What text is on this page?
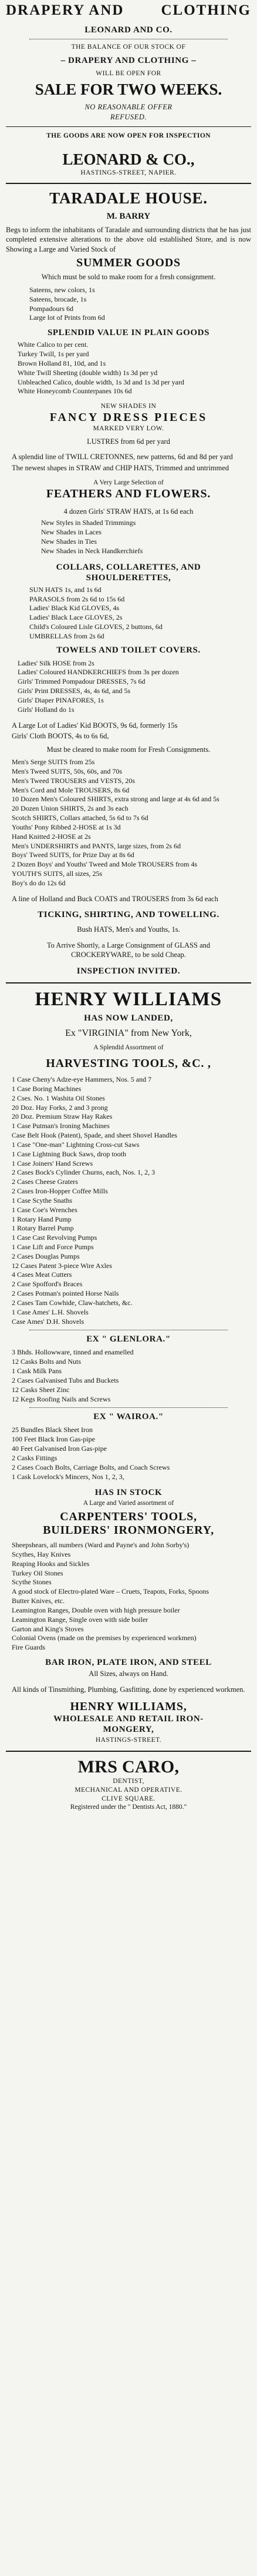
DRAPERY AND	CLOTHING
LEONARD AND CO.
THE BALANCE OF OUR STOCK OF
– DRAPERY AND CLOTHING –
WILL BE OPEN FOR
SALE FOR TWO WEEKS.
NO REASONABLE OFFER
REFUSED.
THE GOODS ARE NOW OPEN FOR INSPECTION
LEONARD & CO.,
HASTINGS-STREET, NAPIER.
TARADALE HOUSE.
M. BARRY

Begs to inform the inhabitants of Taradale and surrounding districts that he has just completed extensive alterations to the above old established Store, and is now Showing a Large and Varied Stock of

SUMMER GOODS
Which must be sold to make room for a fresh consignment.
Sateens, new colors, 1s
Sateens, brocade, 1s
Pompadours 6d
Large lot of Prints from 6d
SPLENDID VALUE IN PLAIN GOODS
White Calico to per cent.
Turkey Twill, 1s per yard
Brown Holland 81, 10d, and 1s
White Twill Sheeting (double width) 1s 3d per yd
Unbleached Calico, double width, 1s 3d and 1s 3d per yard
White Honeycomb Counterpanes 10s 6d
NEW SHADES IN
FANCY DRESS PIECES
MARKED VERY LOW.
LUSTRES from 6d per yard

A splendid line of TWILL CRETONNES, new patterns, 6d and 8d per yard

The newest shapes in STRAW and CHIP HATS, Trimmed and untrimmed

A Very Large Selection of
FEATHERS AND FLOWERS.
4 dozen Girls' STRAW HATS, at 1s 6d each
New Styles in Shaded Trimmings
New Shades in Laces
New Shades in Ties
New Shades in Neck Handkerchiefs
COLLARS, COLLARETTES, AND
SHOULDERETTES,
SUN HATS 1s, and 1s 6d
PARASOLS from 2s 6d to 15s 6d
Ladies' Black Kid GLOVES, 4s
Ladies' Black Lace GLOVES, 2s
Child's Coloured Lisle GLOVES, 2 buttons, 6d
UMBRELLAS from 2s 6d
TOWELS AND TOILET COVERS.
Ladies' Silk HOSE from 2s
Ladies' Coloured HANDKERCHIEFS from 3s per dozen
Girls' Trimmed Pompadour DRESSES, 7s 6d
Girls' Print DRESSES, 4s, 4s 6d, and 5s
Girls' Diaper PINAFORES, 1s
Girls' Holland do 1s

A Large Lot of Ladies' Kid BOOTS, 9s 6d, formerly 15s

Girls' Cloth BOOTS, 4s to 6s 6d,

Must be cleared to make room for Fresh Consignments.
Men's Serge SUITS from 25s
Men's Tweed SUITS, 50s, 60s, and 70s
Men's Tweed TROUSERS and VESTS, 20s
Men's Cord and Mole TROUSERS, 8s 6d
10 Dozen Men's Coloured SHIRTS, extra strong and large at 4s 6d and 5s
20 Dozen Union SHIRTS, 2s and 3s each
Scotch SHIRTS, Collars attached, 5s 6d to 7s 6d
Youths' Pony Ribbed 2-HOSE at 1s 3d
Hand Knitted 2-HOSE at 2s
Men's UNDERSHIRTS and PANTS, large sizes, from 2s 6d
Boys' Tweed SUITS, for Prize Day at 8s 6d
2 Dozen Boys' and Youths' Tweed and Mole TROUSERS from 4s
YOUTH'S SUITS, all sizes, 25s
Boy's do do 12s 6d

A line of Holland and Buck COATS and TROUSERS from 3s 6d each

TICKING, SHIRTING, AND TOWELLING.
Bush HATS, Men's and Youths, 1s.

To Arrive Shortly, a Large Consignment of GLASS and CROCKERYWARE, to be sold Cheap.

INSPECTION INVITED.
HENRY WILLIAMS
HAS NOW LANDED,
Ex "VIRGINIA" from New York,
A Splendid Assortment of
HARVESTING TOOLS, &C. ,
1 Case Cheny's Adze-eye Hammers, Nos. 5 and 7
1 Case Boring Machines
2 Cses. No. 1 Washita Oil Stones
20 Doz. Hay Forks, 2 and 3 prong
20 Doz. Premium Straw Hay Rakes
1 Case Putman's Ironing Machines
Case Belt Hook (Patent), Spade, and sheet Shovel Handles
1 Case "One-man" Lightning Cross-cut Saws
1 Case Lightning Buck Saws, drop tooth
1 Case Joiners' Hand Screws
2 Cases Bock's Cylinder Churns, each, Nos. 1, 2, 3
2 Cases Cheese Graters
2 Cases Iron-Hopper Coffee Mills
1 Case Scythe Snaths
1 Case Coe's Wrenches
1 Rotary Hand Pump
1 Rotary Barrel Pump
1 Case Cast Revolving Pumps
1 Case Lift and Force Pumps
2 Cases Douglas Pumps
12 Cases Patent 3-piece Wire Axles
4 Cases Meat Cutters
2 Case Spofford's Braces
2 Cases Potman's pointed Horse Nails
2 Cases Tam Cowhide, Claw-hatchets, &c.
1 Case Ames' L.H. Shovels
Case Ames' D.H. Shovels
EX " GLENLORA."
3 Bhds. Hollowware, tinned and enamelled
12 Casks Bolts and Nuts
1 Cask Milk Pans
2 Cases Galvanised Tubs and Buckets
12 Casks Sheet Zinc
12 Kegs Roofing Nails and Screws
EX " WAIROA."
25 Bundles Black Sheet Iron
100 Feet Black Iron Gas-pipe
40 Feet Galvanised Iron Gas-pipe
2 Casks Fittings
2 Cases Coach Bolts, Carriage Bolts, and Coach Screws
1 Cask Lovelock's Mincers, Nos 1, 2, 3,
HAS IN STOCK
A Large and Varied assortment of
CARPENTERS' TOOLS,
BUILDERS' IRONMONGERY,
Sheepshears, all numbers (Ward and Payne's and John Sorby's)
Scythes, Hay Knives
Reaping Hooks and Sickles
Turkey Oil Stones
Scythe Stones
A good stock of Electro-plated Ware – Cruets, Teapots, Forks, Spoons
Butter Knives, etc.
Leamington Ranges, Double oven with high pressure boiler
Leamington Range, Single oven with side boiler
Garton and King's Stoves
Colonial Ovens (made on the premises by experienced workmen)
Fire Guards
BAR IRON, PLATE IRON, AND STEEL
All Sizes, always on Hand.

All kinds of Tinsmithing, Plumbing, Gasfitting, done by experienced workmen.

HENRY WILLIAMS,
WHOLESALE AND RETAIL IRON-
MONGERY,
HASTINGS-STREET.
MRS CARO,
DENTIST,
MECHANICAL AND OPERATIVE.
CLIVE SQUARE.
Registered under the " Dentists Act, 1880."
